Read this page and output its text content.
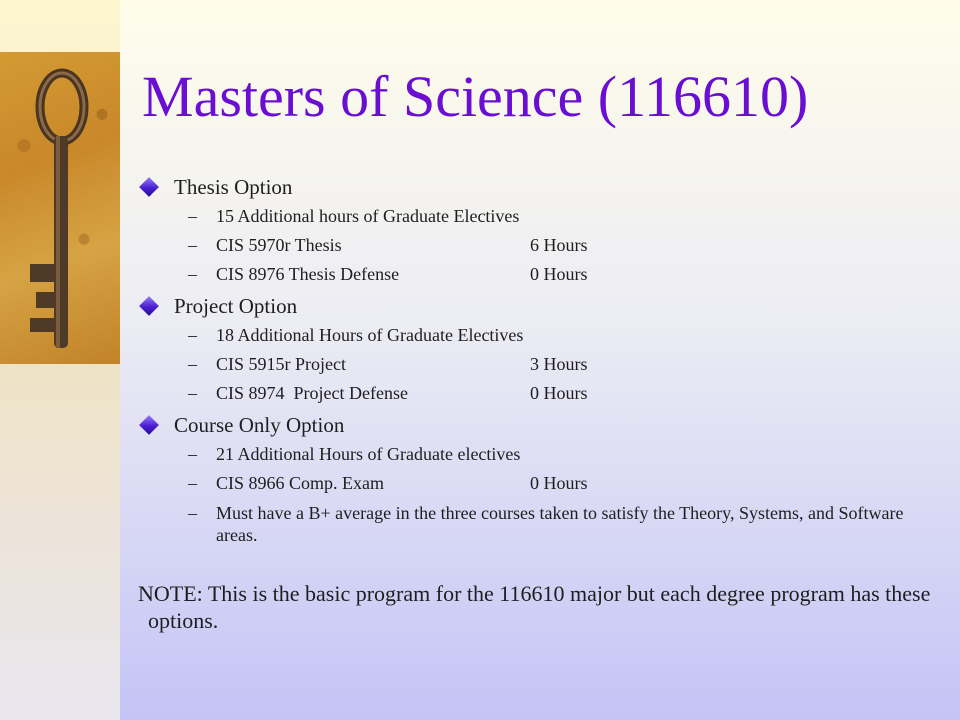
Masters of Science (116610)
Thesis Option
– 15 Additional hours of Graduate Electives
– CIS 5970r Thesis	6 Hours
– CIS 8976 Thesis Defense	0 Hours
Project Option
– 18 Additional Hours of Graduate Electives
– CIS 5915r Project	3 Hours
– CIS 8974  Project Defense	0 Hours
Course Only Option
– 21 Additional Hours of Graduate electives
– CIS 8966 Comp. Exam	0 Hours
– Must have a B+ average in the three courses taken to satisfy the Theory, Systems, and Software areas.
NOTE: This is the basic program for the 116610 major but each degree program has these options.
